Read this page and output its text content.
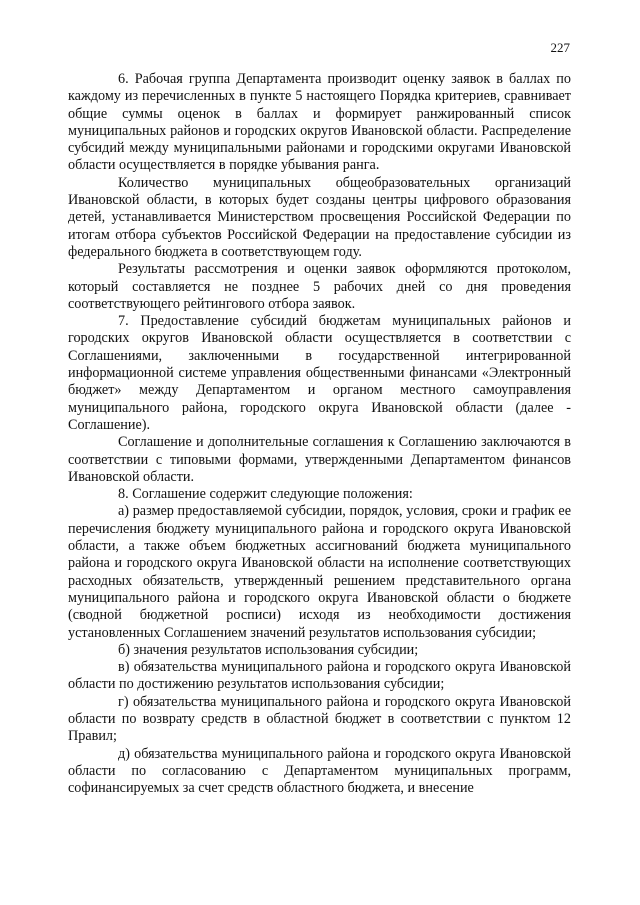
227

6. Рабочая группа Департамента производит оценку заявок в баллах по каждому из перечисленных в пункте 5 настоящего Порядка критериев, сравнивает общие суммы оценок в баллах и формирует ранжированный список муниципальных районов и городских округов Ивановской области. Распределение субсидий между муниципальными районами и городскими округами Ивановской области осуществляется в порядке убывания ранга.

Количество муниципальных общеобразовательных организаций Ивановской области, в которых будет созданы центры цифрового образования детей, устанавливается Министерством просвещения Российской Федерации по итогам отбора субъектов Российской Федерации на предоставление субсидии из федерального бюджета в соответствующем году.

Результаты рассмотрения и оценки заявок оформляются протоколом, который составляется не позднее 5 рабочих дней со дня проведения соответствующего рейтингового отбора заявок.

7. Предоставление субсидий бюджетам муниципальных районов и городских округов Ивановской области осуществляется в соответствии с Соглашениями, заключенными в государственной интегрированной информационной системе управления общественными финансами «Электронный бюджет» между Департаментом и органом местного самоуправления муниципального района, городского округа Ивановской области (далее - Соглашение).

Соглашение и дополнительные соглашения к Соглашению заключаются в соответствии с типовыми формами, утвержденными Департаментом финансов Ивановской области.

8. Соглашение содержит следующие положения:

а) размер предоставляемой субсидии, порядок, условия, сроки и график ее перечисления бюджету муниципального района и городского округа Ивановской области, а также объем бюджетных ассигнований бюджета муниципального района и городского округа Ивановской области на исполнение соответствующих расходных обязательств, утвержденный решением представительного органа муниципального района и городского округа Ивановской области о бюджете (сводной бюджетной росписи) исходя из необходимости достижения установленных Соглашением значений результатов использования субсидии;

б) значения результатов использования субсидии;

в) обязательства муниципального района и городского округа Ивановской области по достижению результатов использования субсидии;

г) обязательства муниципального района и городского округа Ивановской области по возврату средств в областной бюджет в соответствии с пунктом 12 Правил;

д) обязательства муниципального района и городского округа Ивановской области по согласованию с Департаментом муниципальных программ, софинансируемых за счет средств областного бюджета, и внесение
